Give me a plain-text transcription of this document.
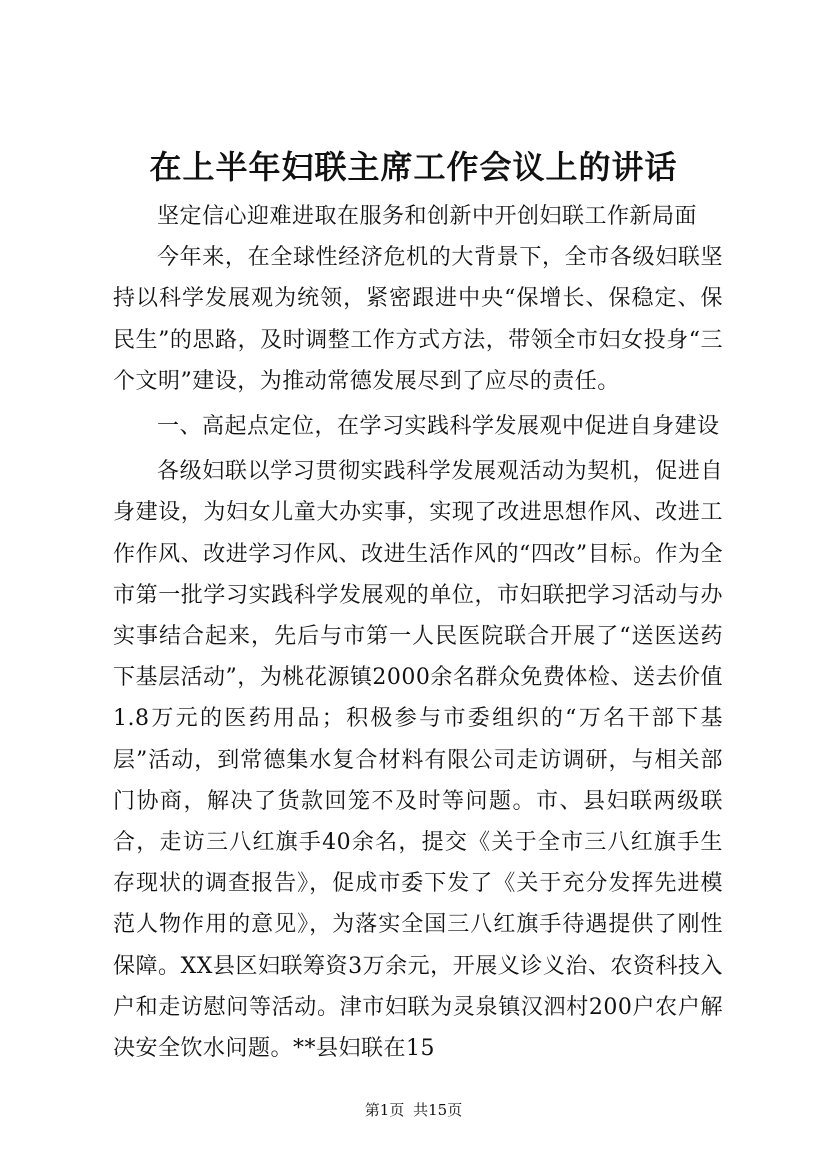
在上半年妇联主席工作会议上的讲话

坚定信心迎难进取在服务和创新中开创妇联工作新局面

今年来，在全球性经济危机的大背景下，全市各级妇联坚持以科学发展观为统领，紧密跟进中央“保增长、保稳定、保民生”的思路，及时调整工作方式方法，带领全市妇女投身“三个文明”建设，为推动常德发展尽到了应尽的责任。

一、高起点定位，在学习实践科学发展观中促进自身建设

各级妇联以学习贯彻实践科学发展观活动为契机，促进自身建设，为妇女儿童大办实事，实现了改进思想作风、改进工作作风、改进学习作风、改进生活作风的“四改”目标。作为全市第一批学习实践科学发展观的单位，市妇联把学习活动与办实事结合起来，先后与市第一人民医院联合开展了“送医送药下基层活动”，为桃花源镇2000余名群众免费体检、送去价值1.8万元的医药用品；积极参与市委组织的“万名干部下基层”活动，到常德集水复合材料有限公司走访调研，与相关部门协商，解决了货款回笼不及时等问题。市、县妇联两级联合，走访三八红旗手40余名，提交《关于全市三八红旗手生存现状的调查报告》，促成市委下发了《关于充分发挥先进模范人物作用的意见》，为落实全国三八红旗手待遇提供了刚性保障。XX县区妇联筹资3万余元，开展义诊义治、农资科技入户和走访慰问等活动。津市妇联为灵泉镇汉泗村200户农户解决安全饮水问题。**县妇联在15

第1页 共15页
